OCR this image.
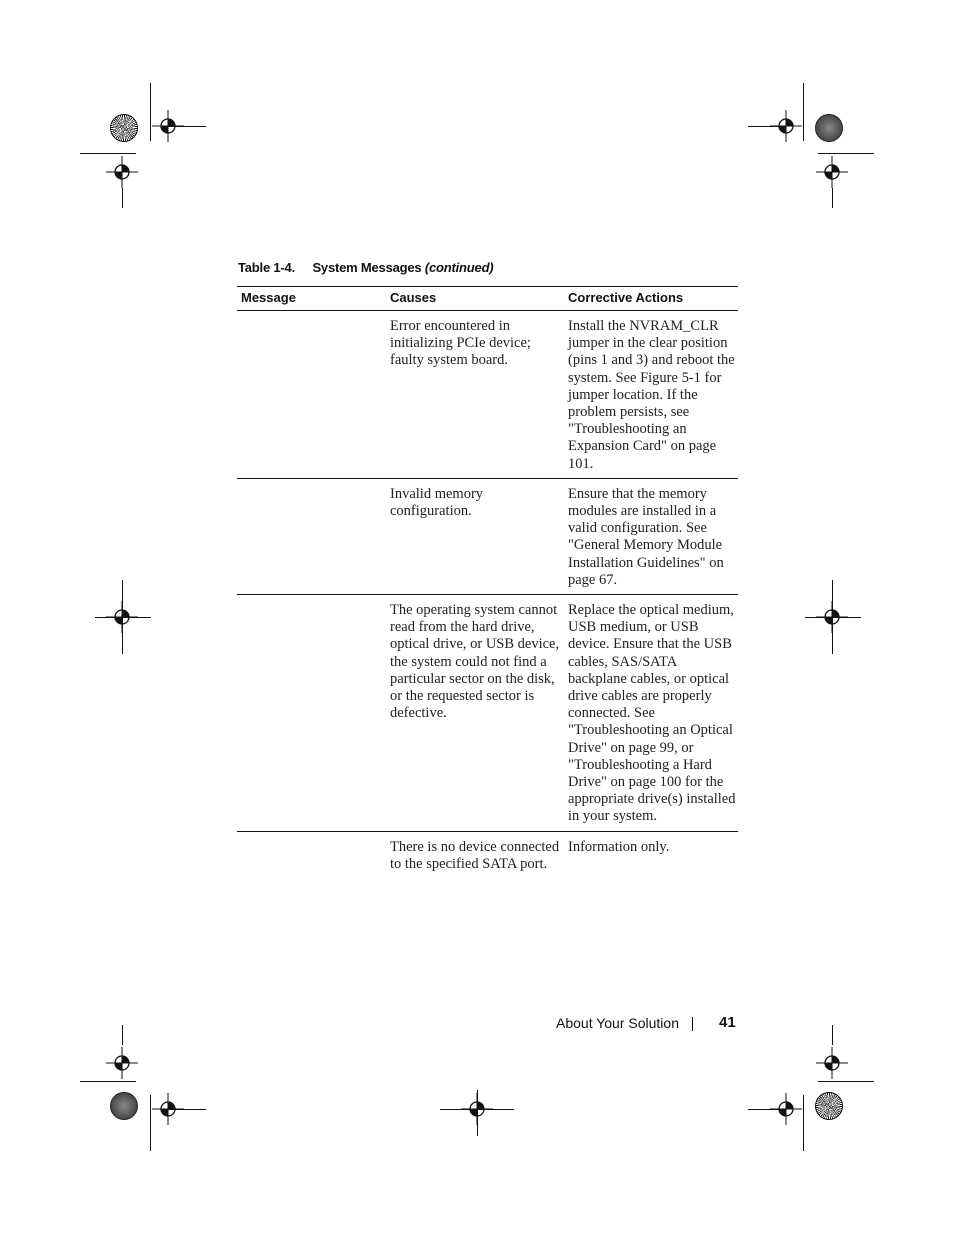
Table 1-4. System Messages (continued)
Message	Causes	Corrective Actions
	Error encountered in initializing PCIe device; faulty system board.	Install the NVRAM_CLR jumper in the clear position (pins 1 and 3) and reboot the system. See Figure 5-1 for jumper location. If the problem persists, see "Troubleshooting an Expansion Card" on page 101.
	Invalid memory configuration.	Ensure that the memory modules are installed in a valid configuration. See "General Memory Module Installation Guidelines" on page 67.
	The operating system cannot read from the hard drive, optical drive, or USB device, the system could not find a particular sector on the disk, or the requested sector is defective.	Replace the optical medium, USB medium, or USB device. Ensure that the USB cables, SAS/SATA backplane cables, or optical drive cables are properly connected. See "Troubleshooting an Optical Drive" on page 99, or "Troubleshooting a Hard Drive" on page 100 for the appropriate drive(s) installed in your system.
	There is no device connected to the specified SATA port.	Information only.
About Your Solution	41
